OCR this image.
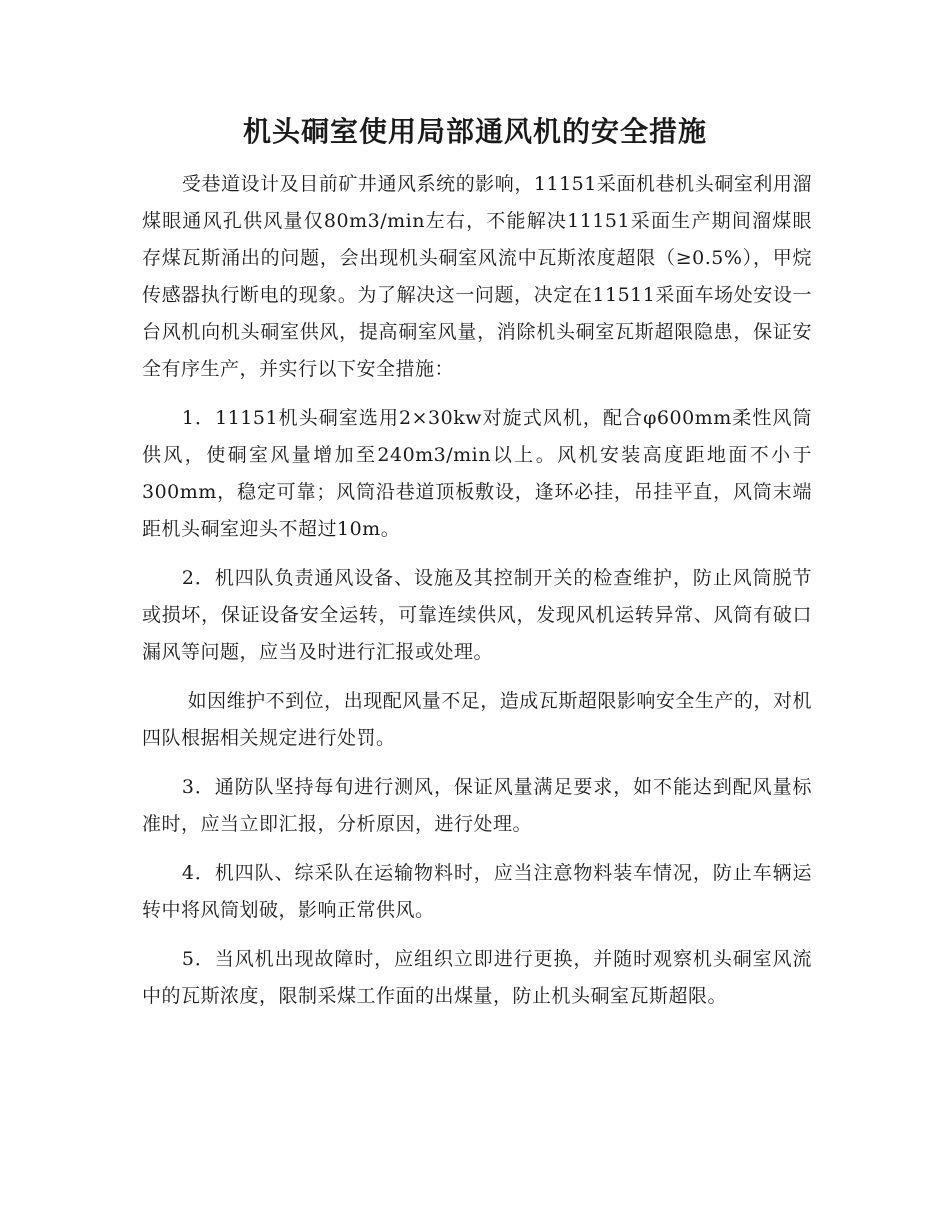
机头硐室使用局部通风机的安全措施

受巷道设计及目前矿井通风系统的影响，11151采面机巷机头硐室利用溜煤眼通风孔供风量仅80m3/min左右，不能解决11151采面生产期间溜煤眼存煤瓦斯涌出的问题，会出现机头硐室风流中瓦斯浓度超限（≥0.5%），甲烷传感器执行断电的现象。为了解决这一问题，决定在11511采面车场处安设一台风机向机头硐室供风，提高硐室风量，消除机头硐室瓦斯超限隐患，保证安全有序生产，并实行以下安全措施：

1．11151机头硐室选用2×30kw对旋式风机，配合φ600mm柔性风筒供风，使硐室风量增加至240m3/min以上。风机安装高度距地面不小于300mm，稳定可靠；风筒沿巷道顶板敷设，逢环必挂，吊挂平直，风筒末端距机头硐室迎头不超过10m。

2．机四队负责通风设备、设施及其控制开关的检查维护，防止风筒脱节或损坏，保证设备安全运转，可靠连续供风，发现风机运转异常、风筒有破口漏风等问题，应当及时进行汇报或处理。

如因维护不到位，出现配风量不足，造成瓦斯超限影响安全生产的，对机四队根据相关规定进行处罚。

3．通防队坚持每旬进行测风，保证风量满足要求，如不能达到配风量标准时，应当立即汇报，分析原因，进行处理。

4．机四队、综采队在运输物料时，应当注意物料装车情况，防止车辆运转中将风筒划破，影响正常供风。

5．当风机出现故障时，应组织立即进行更换，并随时观察机头硐室风流中的瓦斯浓度，限制采煤工作面的出煤量，防止机头硐室瓦斯超限。
